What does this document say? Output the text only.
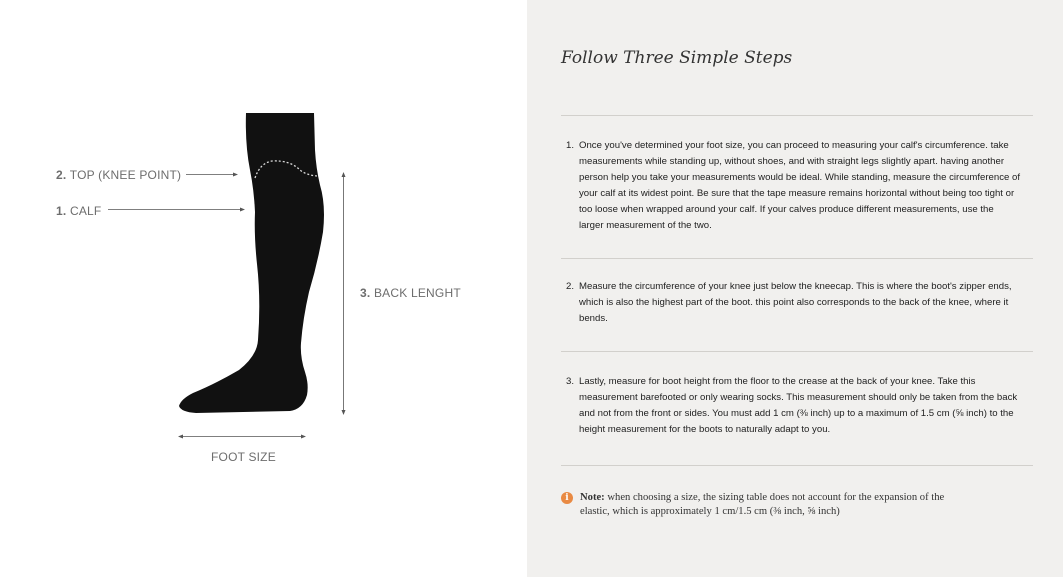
2. TOP (KNEE POINT)
1. CALF
3. BACK LENGHT
FOOT SIZE
Follow Three Simple Steps
1. Once you've determined your foot size, you can proceed to measuring your calf's circumference. take measurements while standing up, without shoes, and with straight legs slightly apart. having another person help you take your measurements would be ideal. While standing, measure the circumference of your calf at its widest point. Be sure that the tape measure remains horizontal without being too tight or too loose when wrapped around your calf. If your calves produce different measurements, use the larger measurement of the two.
2. Measure the circumference of your knee just below the kneecap. This is where the boot's zipper ends, which is also the highest part of the boot. this point also corresponds to the back of the knee, where it bends.
3. Lastly, measure for boot height from the floor to the crease at the back of your knee. Take this measurement barefooted or only wearing socks. This measurement should only be taken from the back and not from the front or sides. You must add 1 cm (⅜ inch) up to a maximum of 1.5 cm (⅝ inch) to the height measurement for the boots to naturally adapt to you.
i	Note: when choosing a size, the sizing table does not account for the expansion of the elastic, which is approximately 1 cm/1.5 cm (⅜ inch, ⅝ inch)
